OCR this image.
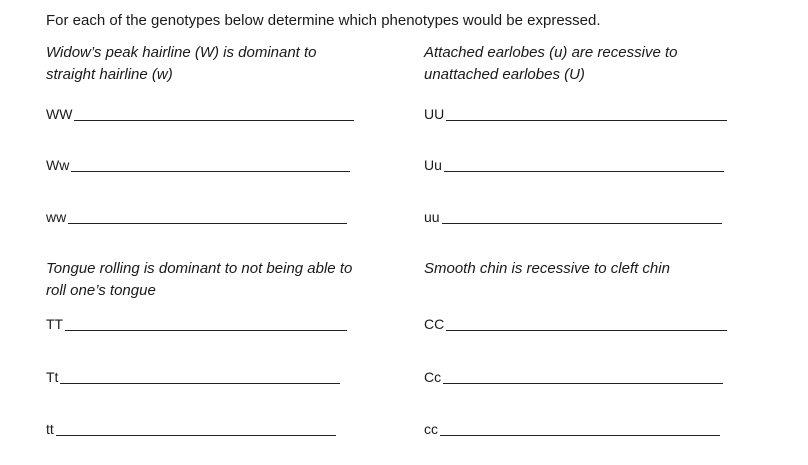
For each of the genotypes below determine which phenotypes would be expressed.
Widow’s peak hairline (W) is dominant to
straight hairline (w)
WW
Ww
ww
Attached earlobes (u) are recessive to
unattached earlobes (U)
UU
Uu
uu
Tongue rolling is dominant to not being able to
roll one’s tongue
TT
Tt
tt
Smooth chin is recessive to cleft chin
CC
Cc
cc
